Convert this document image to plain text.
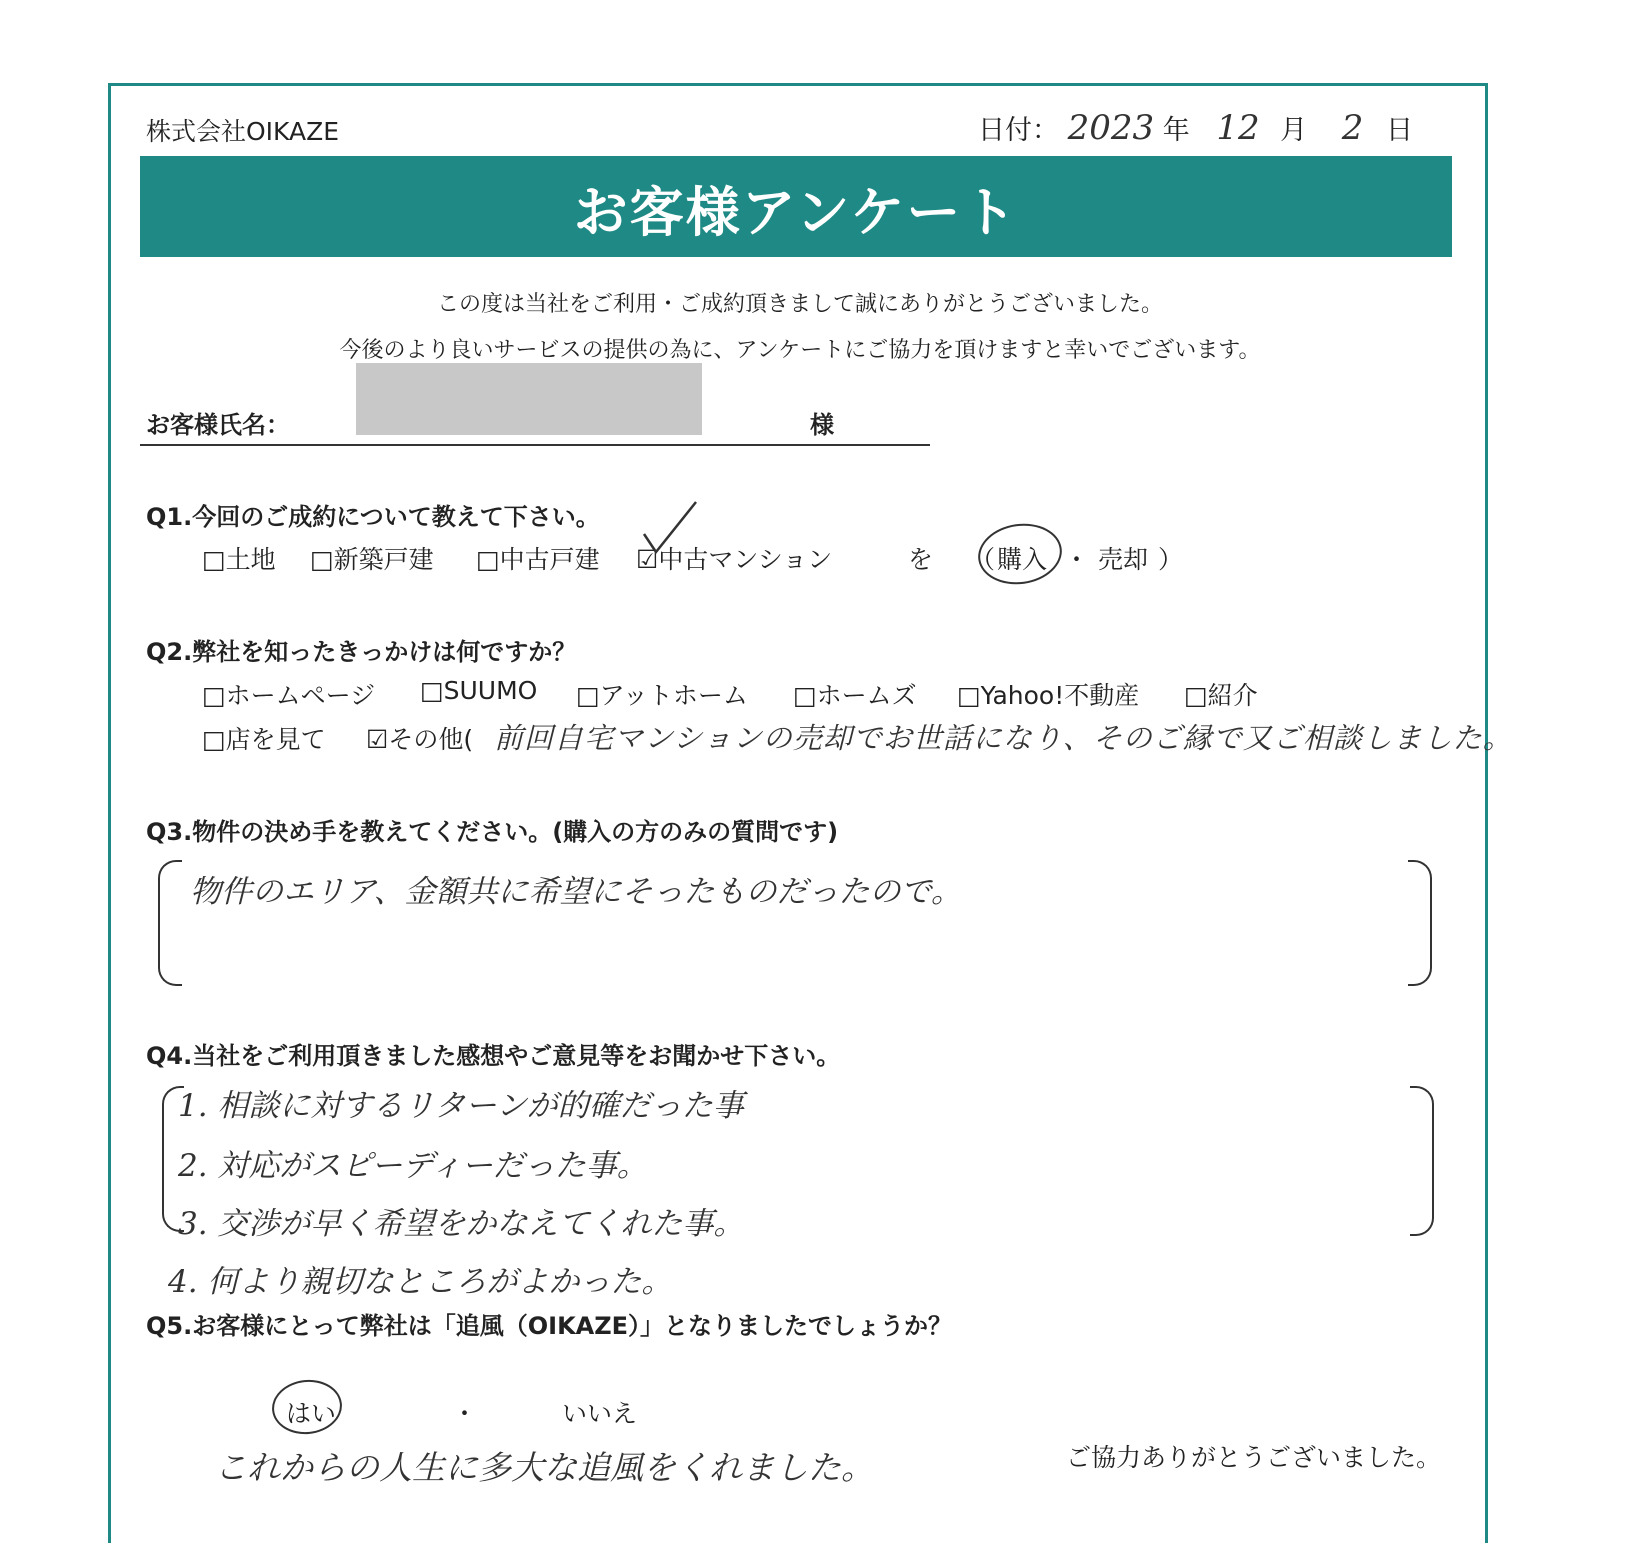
株式会社OIKAZE	日付： 2023 年 12 月 2 日
お客様アンケート
この度は当社をご利用・ご成約頂きまして誠にありがとうございました。
今後のより良いサービスの提供の為に、アンケートにご協力を頂けますと幸いでございます。
お客様氏名：	様
Q1.今回のご成約について教えて下さい。
□土地 □新築戸建 □中古戸建 ☑中古マンション	を （ 購入 ・ 売却 ）
Q2.弊社を知ったきっかけは何ですか？
□ホームページ □SUUMO □アットホーム □ホームズ □Yahoo!不動産 □紹介
□店を見て ☑その他( 前回自宅マンションの売却でお世話になり、そのご縁で又ご相談しました。
Q3.物件の決め手を教えてください。(購入の方のみの質問です)
物件のエリア、金額共に希望にそったものだったので。
Q4.当社をご利用頂きました感想やご意見等をお聞かせ下さい。
1. 相談に対するリターンが的確だった事
2. 対応がスピーディーだった事。
3. 交渉が早く希望をかなえてくれた事。
4. 何より親切なところがよかった。
Q5.お客様にとって弊社は「追風（OIKAZE）」となりましたでしょうか？
はい	・	いいえ
これからの人生に多大な追風をくれました。	ご協力ありがとうございました。
